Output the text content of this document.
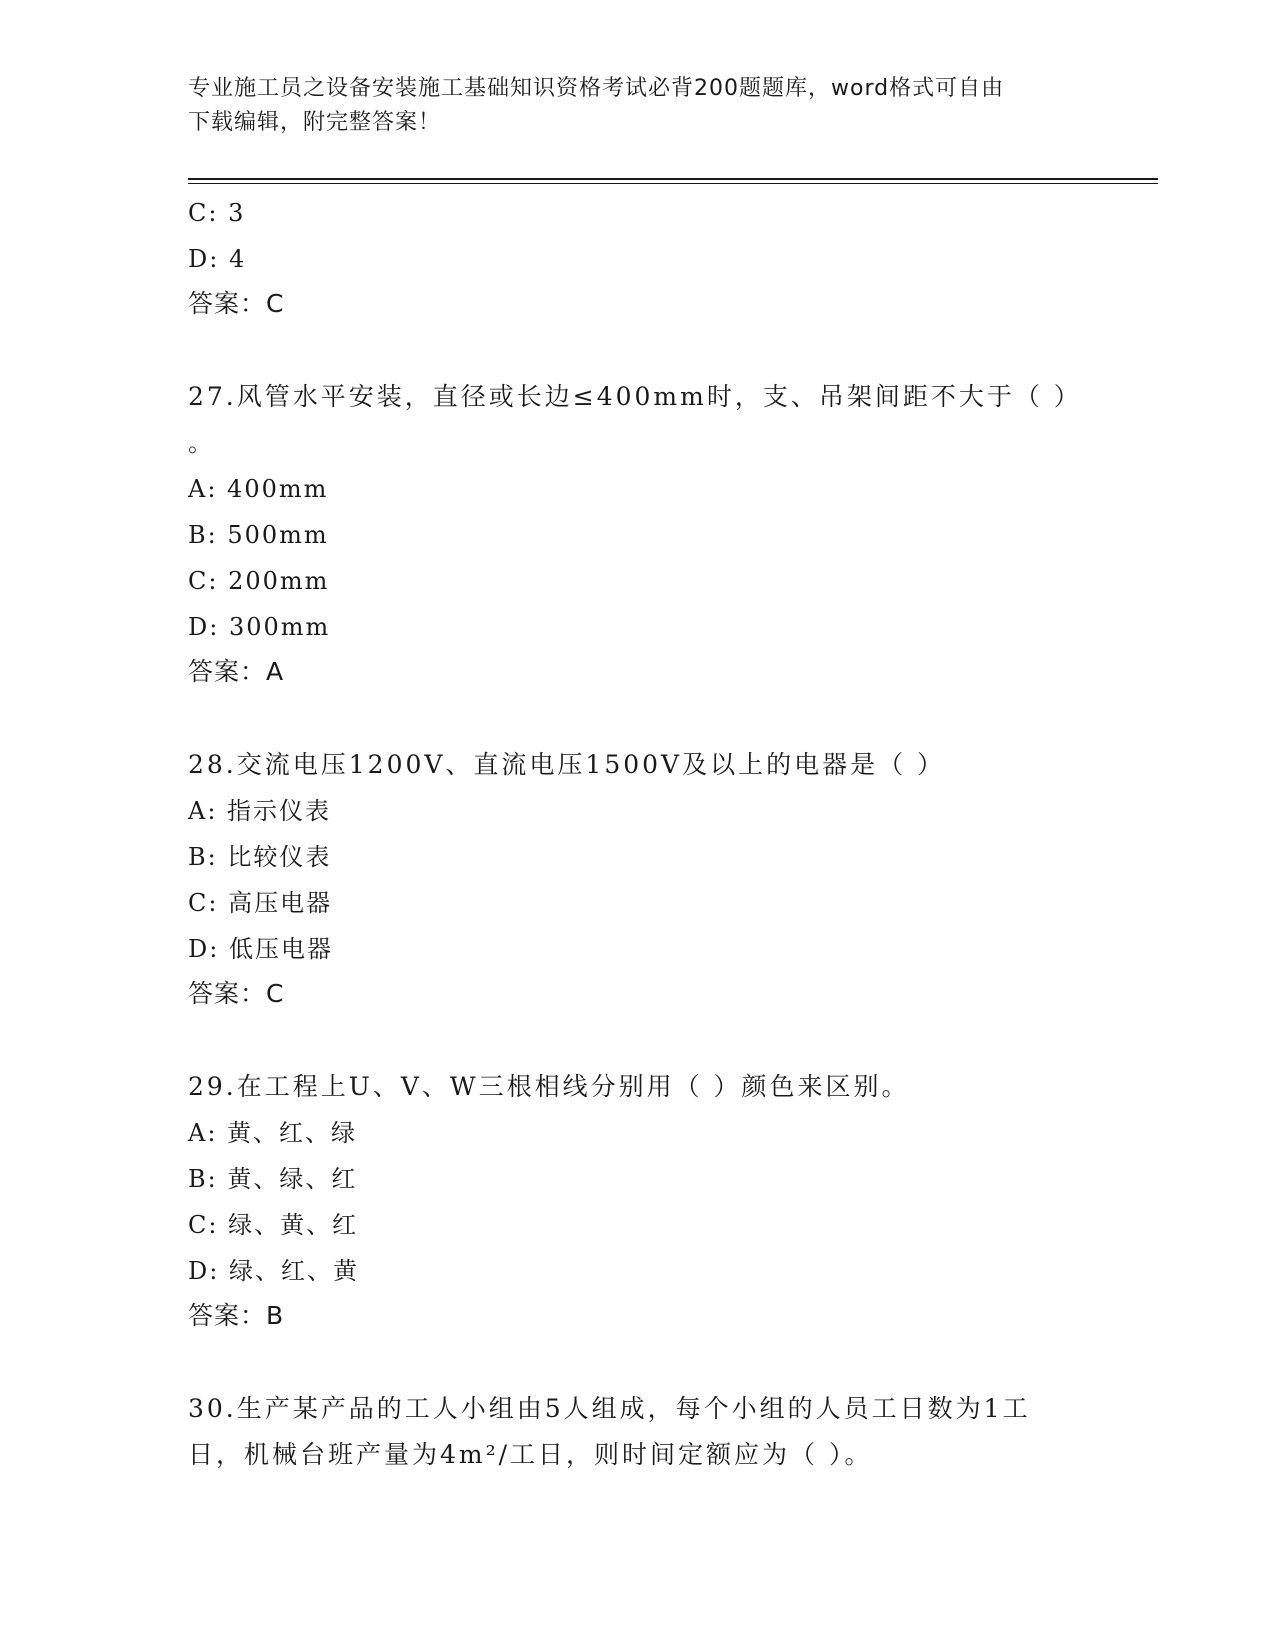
专业施工员之设备安装施工基础知识资格考试必背200题题库，word格式可自由
下载编辑，附完整答案！
C: 3
D: 4
答案：C
27.风管水平安装，直径或长边≤400mm时，支、吊架间距不大于（ ）
。
A: 400mm
B: 500mm
C: 200mm
D: 300mm
答案：A
28.交流电压1200V、直流电压1500V及以上的电器是（ ）
A: 指示仪表
B: 比较仪表
C: 高压电器
D: 低压电器
答案：C
29.在工程上U、V、W三根相线分别用（ ）颜色来区别。
A: 黄、红、绿
B: 黄、绿、红
C: 绿、黄、红
D: 绿、红、黄
答案：B
30.生产某产品的工人小组由5人组成，每个小组的人员工日数为1工
日，机械台班产量为4m²/工日，则时间定额应为（ ）。
